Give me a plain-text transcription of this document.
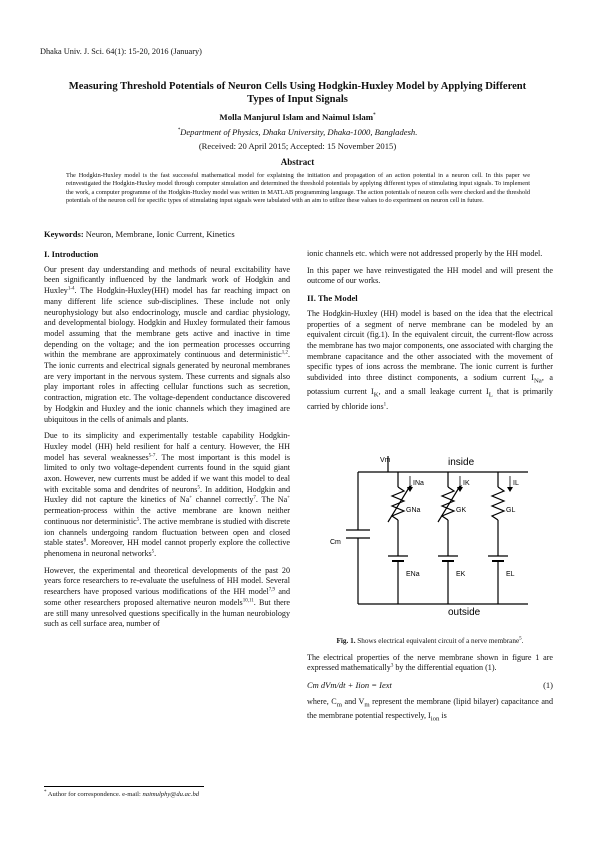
Dhaka Univ. J. Sci. 64(1): 15-20, 2016 (January)
Measuring Threshold Potentials of Neuron Cells Using Hodgkin-Huxley Model by Applying Different Types of Input Signals
Molla Manjurul Islam and Naimul Islam*
*Department of Physics, Dhaka University, Dhaka-1000, Bangladesh.
(Received: 20 April 2015; Accepted: 15 November 2015)
Abstract
The Hodgkin-Huxley model is the fast successful mathematical model for explaining the initiation and propagation of an action potential in a neuron cell. In this paper we reinvestigated the Hodgkin-Huxley model through computer simulation and determined the threshold potentials by applying different types of stimulating input signals. To implement the work, a computer programme of the Hodgkin-Huxley model was written in MATLAB programming language. The action potentials of neuron cells were checked and the threshold potentials of the neuron cell for specific types of stimulating input signals were tabulated with an aim to utilize these values to do experiment on neuron cell in future.
Keywords: Neuron, Membrane, Ionic Current, Kinetics
I. Introduction

Our present day understanding and methods of neural excitability have been significantly influenced by the landmark work of Hodgkin and Huxley$^{1-4}$. The Hodgkin-Huxley(HH) model has far reaching impact on many different life science sub-disciplines. These include not only neurophysiology but also endocrinology, muscle and cardiac physiology, and developmental biology. Hodgkin and Huxley formulated their famous model assuming that the membrane gets active and inactive in time depending on the voltage; and the ion permeation processes occurring within the membrane are approximately continuous and deterministic$^{1,2}$. The ionic currents and electrical signals generated by neuronal membranes are very important in the nervous system. These currents and signals also play important roles in affecting cellular functions such as secretion, contraction, migration etc. The voltage-dependent conductance discovered by Hodgkin and Huxley and the ionic channels which they imagined are ubiquitous in the cells of animals and plants.

Due to its simplicity and experimentally testable capability Hodgkin-Huxley model (HH) held resilient for half a century. However, the HH model has several weaknesses$^{5-7}$. The most important is this model is limited to only two voltage-dependent currents found in the squid giant axon. However, new currents must be added if we want this model to deal with excitable soma and dendrites of neurons$^5$. In addition, Hodgkin and Huxley did not capture the kinetics of Na+ channel correctly$^7$. The Na+ permeation-process within the active membrane are known neither continuous nor deterministic$^5$. The active membrane is studied with discrete ion channels undergoing random fluctuation between open and closed stable states$^8$. Moreover, HH model cannot properly explore the collective phenomena in neuronal networks$^5$.

However, the experimental and theoretical developments of the past 20 years force researchers to re-evaluate the usefulness of HH model. Several researchers have proposed various modifications of the HH model$^{7,9}$ and some other researchers proposed alternative neuron models$^{10,11}$. But there are still many unresolved questions specifically in the human neurobiology such as cell surface area, number of

ionic channels etc. which were not addressed properly by the HH model.

In this paper we have reinvestigated the HH model and will present the outcome of our works.

II. The Model

The Hodgkin-Huxley (HH) model is based on the idea that the electrical properties of a segment of nerve membrane can be modeled by an equivalent circuit (fig.1). In the equivalent circuit, the current-flow across the membrane has two major components, one associated with charging the membrane capacitance and the other associated with the movement of specific types of ions across the membrane. The ionic current is further subdivided into three distinct components, a sodium current $I_{Na}$, a potassium current $I_K$, and a small leakage current $I_L$ that is primarily carried by chloride ions$^1$.

Vm	inside
outside
Cm
INa	IK	IL
GNa	GK	GL
ENa	EK	EL

Fig. 1. Shows electrical equivalent circuit of a nerve membrane$^5$.

The electrical properties of the nerve membrane shown in figure 1 are expressed mathematically$^3$ by the differential equation (1).

Cm dVm/dt + Iion = Iext	(1)

where, $C_m$ and $V_m$ represent the membrane (lipid bilayer) capacitance and the membrane potential respectively, $I_{ion}$ is

* Author for correspondence. e-mail: naimulphy@du.ac.bd
